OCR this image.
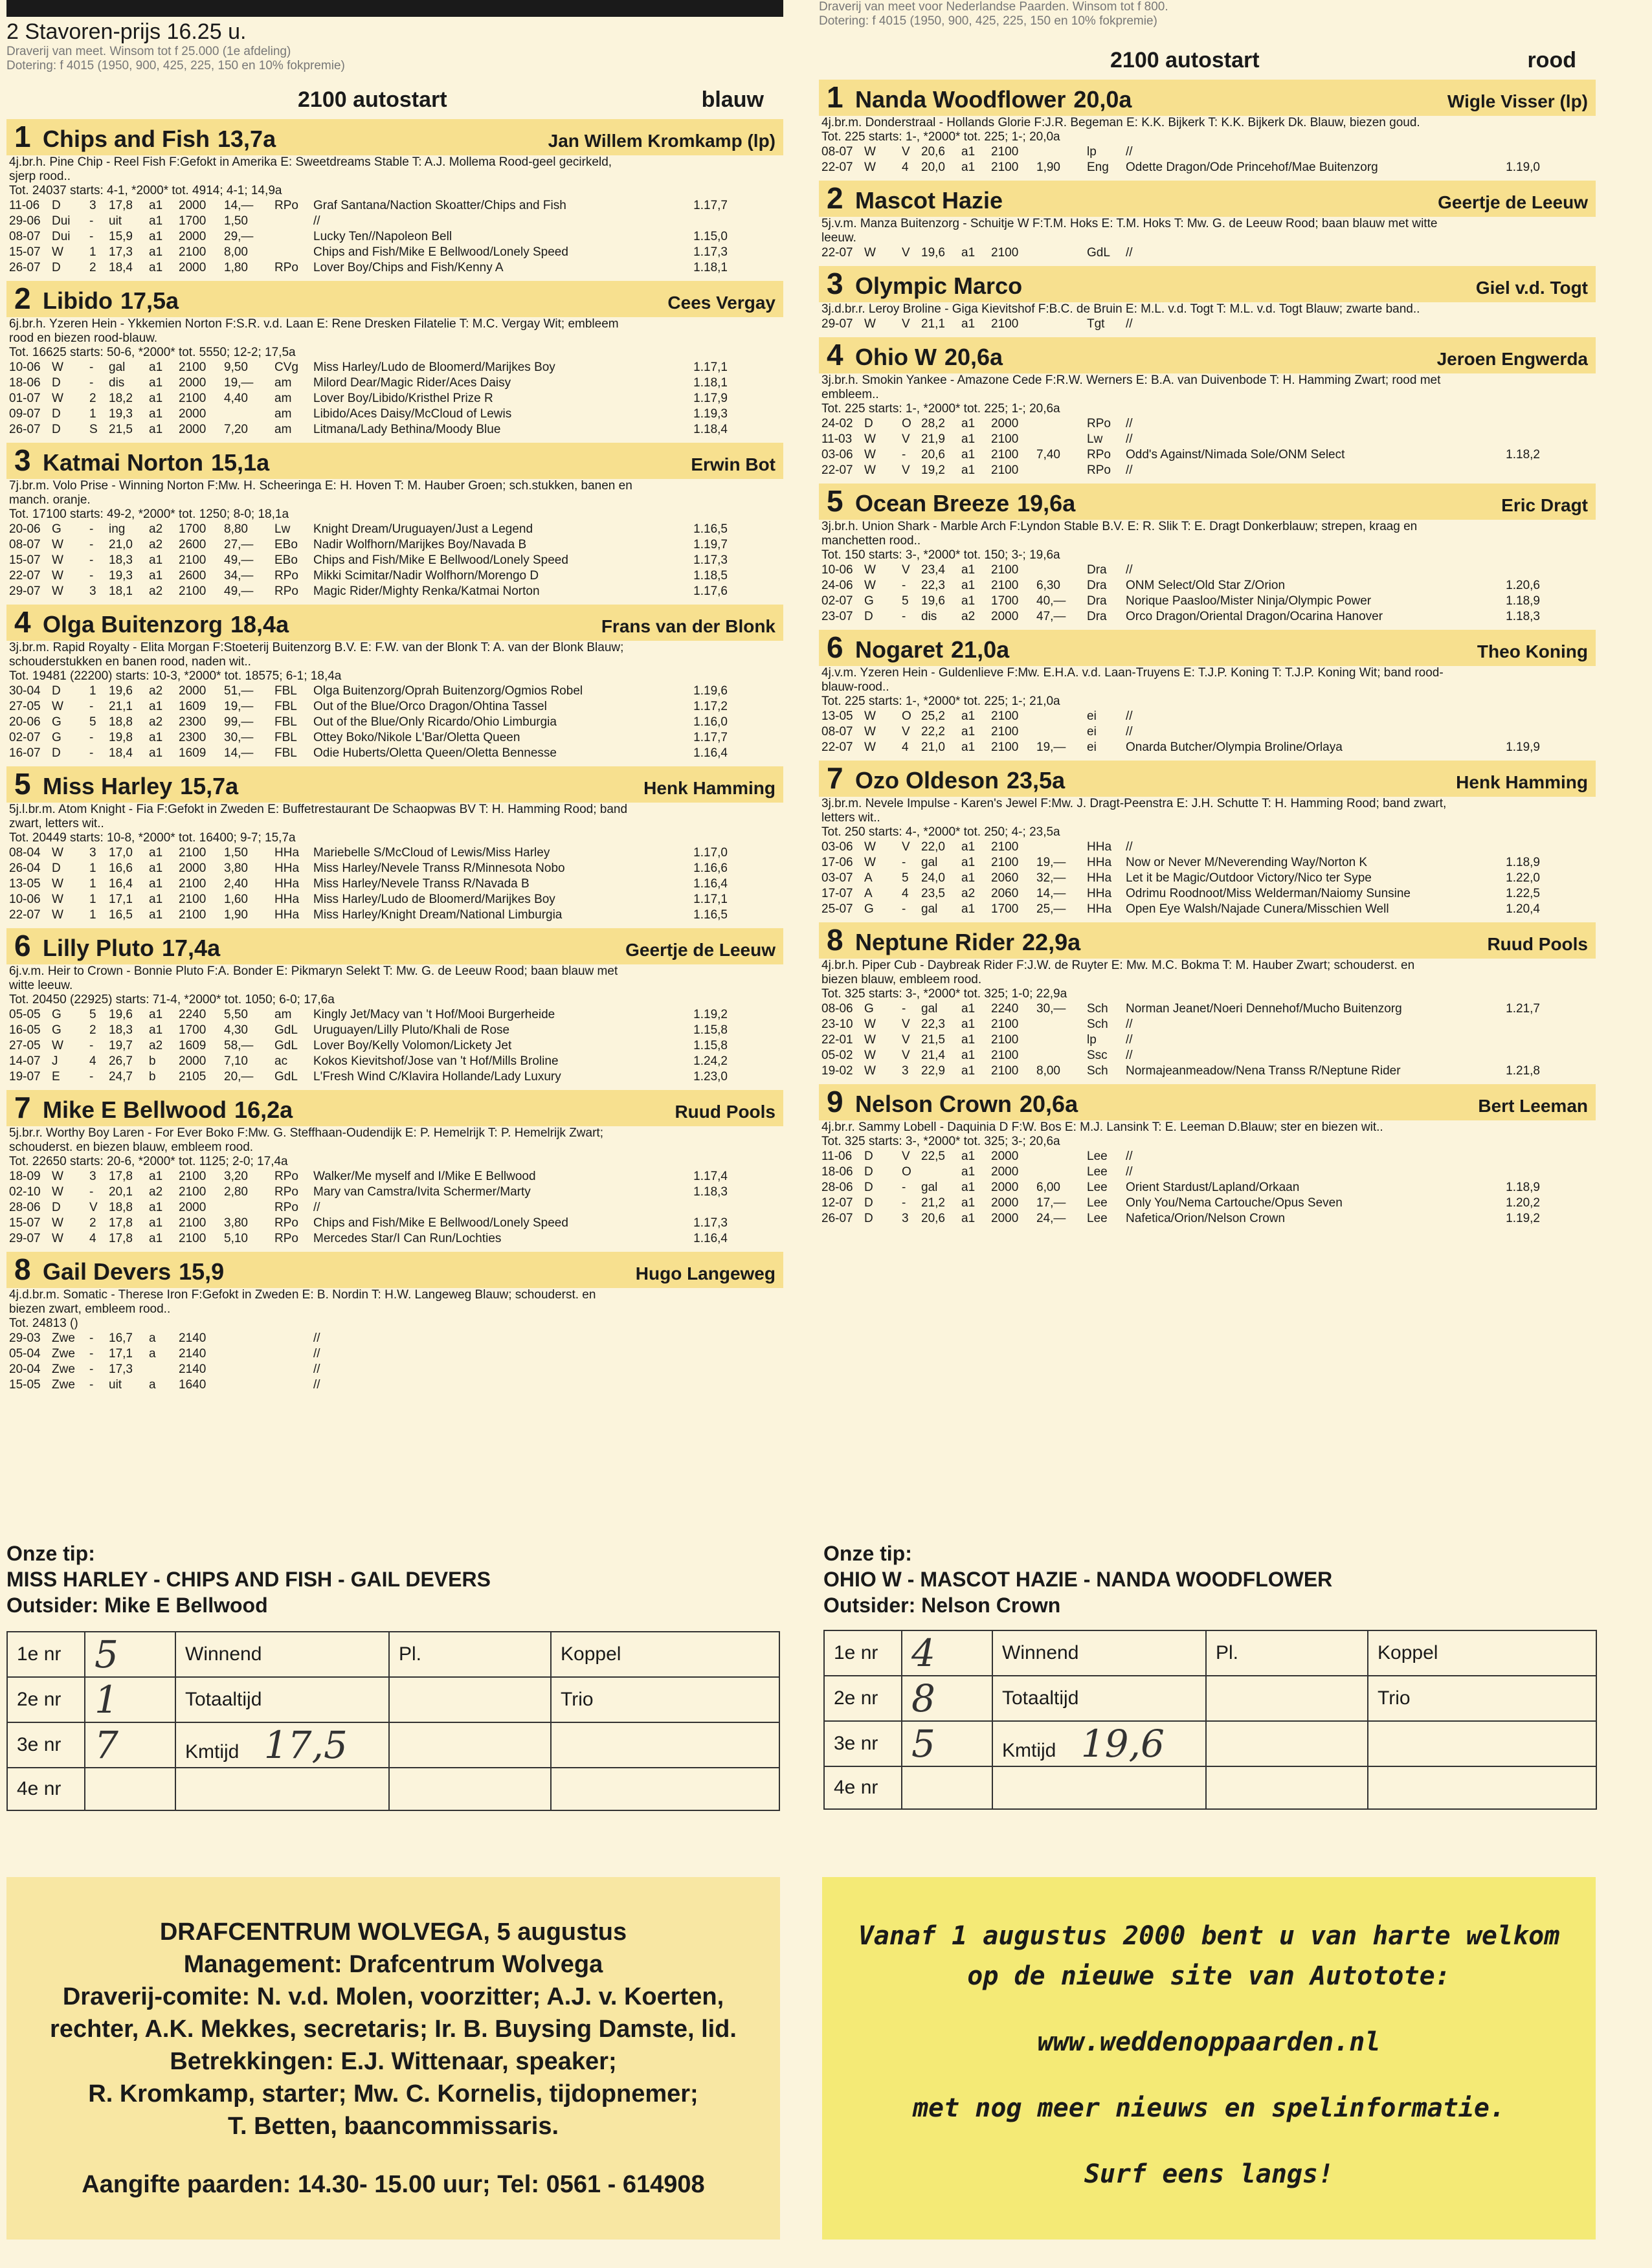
2 Stavoren-prijs 16.25 u.
Draverij van meet. Winsom tot f 25.000 (1e afdeling)
Dotering: f 4015 (1950, 900, 425, 225, 150 en 10% fokpremie)
2100 autostart	blauw
1 Chips and Fish 13,7a	Jan Willem Kromkamp (lp)
4j.br.h. Pine Chip - Reel Fish F:Gefokt in Amerika E: Sweetdreams Stable T: A.J. Mollema Rood-geel gecirkeld,
sjerp rood..
Tot. 24037 starts: 4-1, *2000* tot. 4914; 4-1; 14,9a
11-06 D	3	17,8	a1	2000	14,—	RPo	Graf Santana/Naction Skoatter/Chips and Fish	1.17,7
29-06 Dui	-	uit	a1	1700	1,50	//
08-07 Dui	-	15,9	a1	2000	29,—	Lucky Ten//Napoleon Bell	1.15,0
15-07 W	1	17,3	a1	2100	8,00	Chips and Fish/Mike E Bellwood/Lonely Speed	1.17,3
26-07 D	2	18,4	a1	2000	1,80	RPo	Lover Boy/Chips and Fish/Kenny A	1.18,1
2 Libido 17,5a	Cees Vergay
6j.br.h. Yzeren Hein - Ykkemien Norton F:S.R. v.d. Laan E: Rene Dresken Filatelie T: M.C. Vergay Wit; embleem
rood en biezen rood-blauw.
Tot. 16625 starts: 50-6, *2000* tot. 5550; 12-2; 17,5a
10-06 W	-	gal	a1	2100	9,50	CVg	Miss Harley/Ludo de Bloomerd/Marijkes Boy	1.17,1
18-06 D	-	dis	a1	2000	19,—	am	Milord Dear/Magic Rider/Aces Daisy	1.18,1
01-07 W	2	18,2	a1	2100	4,40	am	Lover Boy/Libido/Kristhel Prize R	1.17,9
09-07 D	1	19,3	a1	2000	am	Libido/Aces Daisy/McCloud of Lewis	1.19,3
26-07 D	S 21,5	a1	2000	7,20	am	Litmana/Lady Bethina/Moody Blue	1.18,4
3 Katmai Norton 15,1a	Erwin Bot
7j.br.m. Volo Prise - Winning Norton F:Mw. H. Scheeringa E: H. Hoven T: M. Hauber Groen; sch.stukken, banen en
manch. oranje.
Tot. 17100 starts: 49-2, *2000* tot. 1250; 8-0; 18,1a
20-06 G	-	ing	a2	1700	8,80	Lw	Knight Dream/Uruguayen/Just a Legend	1.16,5
08-07 W	-	21,0	a2	2600	27,—	EBo	Nadir Wolfhorn/Marijkes Boy/Navada B	1.19,7
15-07 W	-	18,3	a1	2100	49,—	EBo	Chips and Fish/Mike E Bellwood/Lonely Speed	1.17,3
22-07 W	-	19,3	a1	2600	34,—	RPo	Mikki Scimitar/Nadir Wolfhorn/Morengo D	1.18,5
29-07 W	3	18,1	a2	2100	49,—	RPo	Magic Rider/Mighty Renka/Katmai Norton	1.17,6
4 Olga Buitenzorg 18,4a	Frans van der Blonk
3j.br.m. Rapid Royalty - Elita Morgan F:Stoeterij Buitenzorg B.V. E: F.W. van der Blonk T: A. van der Blonk Blauw;
schouderstukken en banen rood, naden wit..
Tot. 19481 (22200) starts: 10-3, *2000* tot. 18575; 6-1; 18,4a
30-04 D	1	19,6	a2	2000	51,—	FBL	Olga Buitenzorg/Oprah Buitenzorg/Ogmios Robel	1.19,6
27-05 W	-	21,1	a1	1609	19,—	FBL	Out of the Blue/Orco Dragon/Ohtina Tassel	1.17,2
20-06 G	5	18,8	a2	2300	99,—	FBL	Out of the Blue/Only Ricardo/Ohio Limburgia	1.16,0
02-07 G	-	19,8	a1	2300	30,—	FBL	Ottey Boko/Nikole L'Bar/Oletta Queen	1.17,7
16-07 D	-	18,4	a1	1609	14,—	FBL	Odie Huberts/Oletta Queen/Oletta Bennesse	1.16,4
5 Miss Harley 15,7a	Henk Hamming
5j.l.br.m. Atom Knight - Fia F:Gefokt in Zweden E: Buffetrestaurant De Schaopwas BV T: H. Hamming Rood; band
zwart, letters wit..
Tot. 20449 starts: 10-8, *2000* tot. 16400; 9-7; 15,7a
08-04 W	3	17,0	a1	2100	1,50	HHa	Mariebelle S/McCloud of Lewis/Miss Harley	1.17,0
26-04 D	1	16,6	a1	2000	3,80	HHa	Miss Harley/Nevele Transs R/Minnesota Nobo	1.16,6
13-05 W	1	16,4	a1	2100	2,40	HHa	Miss Harley/Nevele Transs R/Navada B	1.16,4
10-06 W	1	17,1	a1	2100	1,60	HHa	Miss Harley/Ludo de Bloomerd/Marijkes Boy	1.17,1
22-07 W	1	16,5	a1	2100	1,90	HHa	Miss Harley/Knight Dream/National Limburgia	1.16,5
6 Lilly Pluto 17,4a	Geertje de Leeuw
6j.v.m. Heir to Crown - Bonnie Pluto F:A. Bonder E: Pikmaryn Selekt T: Mw. G. de Leeuw Rood; baan blauw met
witte leeuw.
Tot. 20450 (22925) starts: 71-4, *2000* tot. 1050; 6-0; 17,6a
05-05 G	5	19,6	a1	2240	5,50	am	Kingly Jet/Macy van 't Hof/Mooi Burgerheide	1.19,2
16-05 G	2	18,3	a1	1700	4,30	GdL	Uruguayen/Lilly Pluto/Khali de Rose	1.15,8
27-05 W	-	19,7	a2	1609	58,—	GdL	Lover Boy/Kelly Volomon/Lickety Jet	1.15,8
14-07 J	4	26,7	b	2000	7,10	ac	Kokos Kievitshof/Jose van 't Hof/Mills Broline	1.24,2
19-07 E	-	24,7	b	2105	20,—	GdL	L'Fresh Wind C/Klavira Hollande/Lady Luxury	1.23,0
7 Mike E Bellwood 16,2a	Ruud Pools
5j.br.r. Worthy Boy Laren - For Ever Boko F:Mw. G. Steffhaan-Oudendijk E: P. Hemelrijk T: P. Hemelrijk Zwart;
schouderst. en biezen blauw, embleem rood.
Tot. 22650 starts: 20-6, *2000* tot. 1125; 2-0; 17,4a
18-09 W	3	17,8	a1	2100	3,20	RPo	Walker/Me myself and I/Mike E Bellwood	1.17,4
02-10 W	-	20,1	a2	2100	2,80	RPo	Mary van Camstra/Ivita Schermer/Marty	1.18,3
28-06 D	V 18,8	a1	2000	RPo	//
15-07 W	2	17,8	a1	2100	3,80	RPo	Chips and Fish/Mike E Bellwood/Lonely Speed	1.17,3
29-07 W	4	17,8	a1	2100	5,10	RPo	Mercedes Star/I Can Run/Lochties	1.16,4
8 Gail Devers 15,9	Hugo Langeweg
4j.d.br.m. Somatic - Therese Iron F:Gefokt in Zweden E: B. Nordin T: H.W. Langeweg Blauw; schouderst. en
biezen zwart, embleem rood..
Tot. 24813 ()
29-03 Zwe	-	16,7	a	2140	//
05-04 Zwe	-	17,1	a	2140	//
20-04 Zwe	-	17,3	2140	//
15-05 Zwe	-	uit	a	1640	//
Draverij van meet voor Nederlandse Paarden. Winsom tot f 800.
Dotering: f 4015 (1950, 900, 425, 225, 150 en 10% fokpremie)
2100 autostart	rood
1 Nanda Woodflower 20,0a	Wigle Visser (lp)
4j.br.m. Donderstraal - Hollands Glorie F:J.R. Begeman E: K.K. Bijkerk T: K.K. Bijkerk Dk. Blauw, biezen goud.
Tot. 225 starts: 1-, *2000* tot. 225; 1-; 20,0a
08-07 W	V 20,6	a1	2100	lp	//
22-07 W	4	20,0	a1	2100	1,90	Eng	Odette Dragon/Ode Princehof/Mae Buitenzorg	1.19,0
2 Mascot Hazie	Geertje de Leeuw
5j.v.m. Manza Buitenzorg - Schuitje W F:T.M. Hoks E: T.M. Hoks T: Mw. G. de Leeuw Rood; baan blauw met witte
leeuw.
22-07 W	V 19,6	a1	2100	GdL	//
3 Olympic Marco	Giel v.d. Togt
3j.d.br.r. Leroy Broline - Giga Kievitshof F:B.C. de Bruin E: M.L. v.d. Togt T: M.L. v.d. Togt Blauw; zwarte band..
29-07 W	V 21,1	a1	2100	Tgt	//
4 Ohio W 20,6a	Jeroen Engwerda
3j.br.h. Smokin Yankee - Amazone Cede F:R.W. Werners E: B.A. van Duivenbode T: H. Hamming Zwart; rood met
embleem..
Tot. 225 starts: 1-, *2000* tot. 225; 1-; 20,6a
24-02 D	O 28,2	a1	2000	RPo	//
11-03 W	V 21,9	a1	2100	Lw	//
03-06 W	-	20,6	a1	2100	7,40	RPo	Odd's Against/Nimada Sole/ONM Select	1.18,2
22-07 W	V 19,2	a1	2100	RPo	//
5 Ocean Breeze 19,6a	Eric Dragt
3j.br.h. Union Shark - Marble Arch F:Lyndon Stable B.V. E: R. Slik T: E. Dragt Donkerblauw; strepen, kraag en
manchetten rood..
Tot. 150 starts: 3-, *2000* tot. 150; 3-; 19,6a
10-06 W	V 23,4	a1	2100	Dra	//
24-06 W	-	22,3	a1	2100	6,30	Dra	ONM Select/Old Star Z/Orion	1.20,6
02-07 G	5	19,6	a1	1700	40,—	Dra	Norique Paasloo/Mister Ninja/Olympic Power	1.18,9
23-07 D	-	dis	a2	2000	47,—	Dra	Orco Dragon/Oriental Dragon/Ocarina Hanover	1.18,3
6 Nogaret 21,0a	Theo Koning
4j.v.m. Yzeren Hein - Guldenlieve F:Mw. E.H.A. v.d. Laan-Truyens E: T.J.P. Koning T: T.J.P. Koning Wit; band rood-
blauw-rood..
Tot. 225 starts: 1-, *2000* tot. 225; 1-; 21,0a
13-05 W	O 25,2	a1	2100	ei	//
08-07 W	V 22,2	a1	2100	ei	//
22-07 W	4	21,0	a1	2100	19,—	ei	Onarda Butcher/Olympia Broline/Orlaya	1.19,9
7 Ozo Oldeson 23,5a	Henk Hamming
3j.br.m. Nevele Impulse - Karen's Jewel F:Mw. J. Dragt-Peenstra E: J.H. Schutte T: H. Hamming Rood; band zwart,
letters wit..
Tot. 250 starts: 4-, *2000* tot. 250; 4-; 23,5a
03-06 W	V 22,0	a1	2100	HHa	//
17-06 W	-	gal	a1	2100	19,—	HHa	Now or Never M/Neverending Way/Norton K	1.18,9
03-07 A	5	24,0	a1	2060	32,—	HHa	Let it be Magic/Outdoor Victory/Nico ter Sype	1.22,0
17-07 A	4	23,5	a2	2060	14,—	HHa	Odrimu Roodnoot/Miss Welderman/Naiomy Sunsine	1.22,5
25-07 G	-	gal	a1	1700	25,—	HHa	Open Eye Walsh/Najade Cunera/Misschien Well	1.20,4
8 Neptune Rider 22,9a	Ruud Pools
4j.br.h. Piper Cub - Daybreak Rider F:J.W. de Ruyter E: Mw. M.C. Bokma T: M. Hauber Zwart; schouderst. en
biezen blauw, embleem rood.
Tot. 325 starts: 3-, *2000* tot. 325; 1-0; 22,9a
08-06 G	-	gal	a1	2240	30,—	Sch	Norman Jeanet/Noeri Dennehof/Mucho Buitenzorg	1.21,7
23-10 W	V 22,3	a1	2100	Sch	//
22-01 W	V 21,5	a1	2100	lp	//
05-02 W	V 21,4	a1	2100	Ssc	//
19-02 W	3	22,9	a1	2100	8,00	Sch	Normajeanmeadow/Nena Transs R/Neptune Rider	1.21,8
9 Nelson Crown 20,6a	Bert Leeman
4j.br.r. Sammy Lobell - Daquinia D F:W. Bos E: M.J. Lansink T: E. Leeman D.Blauw; ster en biezen wit..
Tot. 325 starts: 3-, *2000* tot. 325; 3-; 20,6a
11-06 D	V 22,5	a1	2000	Lee	//
18-06 D	O	a1	2000	Lee	//
28-06 D	-	gal	a1	2000	6,00	Lee	Orient Stardust/Lapland/Orkaan	1.18,9
12-07 D	-	21,2	a1	2000	17,—	Lee	Only You/Nema Cartouche/Opus Seven	1.20,2
26-07 D	3	20,6	a1	2000	24,—	Lee	Nafetica/Orion/Nelson Crown	1.19,2
Onze tip:
MISS HARLEY - CHIPS AND FISH - GAIL DEVERS
Outsider: Mike E Bellwood
1e nr	5	Winnend	Pl.	Koppel
2e nr	1	Totaaltijd		Trio
3e nr	7	Kmtijd 17,5		
4e nr				
Onze tip:
OHIO W - MASCOT HAZIE - NANDA WOODFLOWER
Outsider: Nelson Crown
1e nr	4	Winnend	Pl.	Koppel
2e nr	8	Totaaltijd		Trio
3e nr	5	Kmtijd 19,6		
4e nr				
DRAFCENTRUM WOLVEGA, 5 augustus
Management: Drafcentrum Wolvega
Draverij-comite: N. v.d. Molen, voorzitter; A.J. v. Koerten,
rechter, A.K. Mekkes, secretaris; Ir. B. Buysing Damste, lid.
Betrekkingen: E.J. Wittenaar, speaker;
R. Kromkamp, starter; Mw. C. Kornelis, tijdopnemer;
T. Betten, baancommissaris.
Aangifte paarden: 14.30- 15.00 uur; Tel: 0561 - 614908
Vanaf 1 augustus 2000 bent u van harte welkom
op de nieuwe site van Autotote:
www.weddenoppaarden.nl
met nog meer nieuws en spelinformatie.
Surf eens langs!
